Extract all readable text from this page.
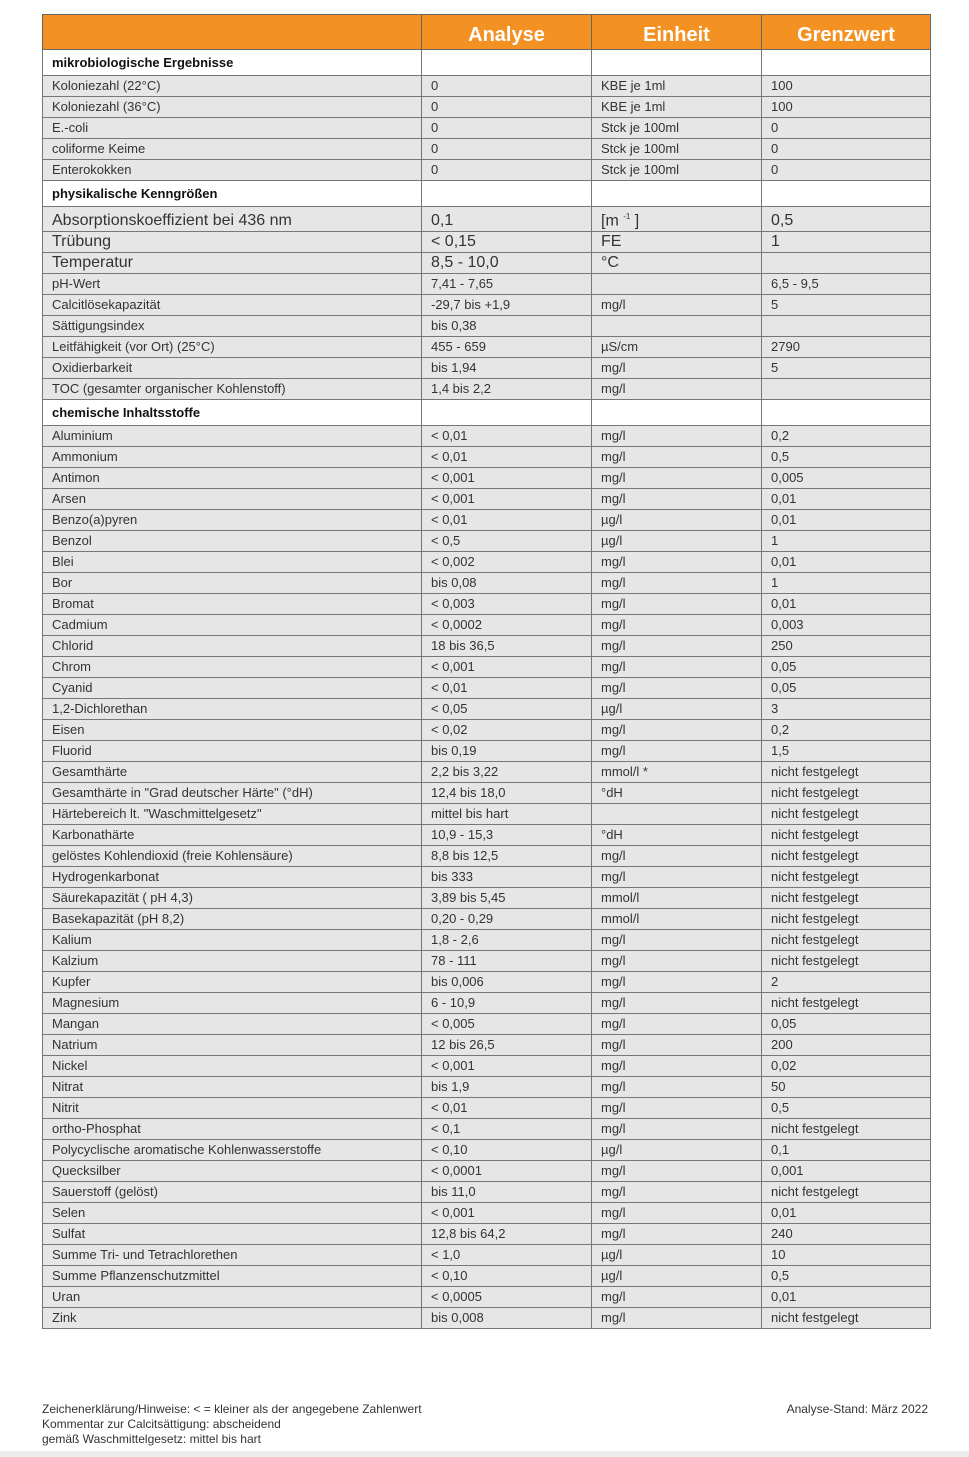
	Analyse	Einheit	Grenzwert
mikrobiologische Ergebnisse			
Koloniezahl (22°C)	0	KBE je 1ml	100
Koloniezahl (36°C)	0	KBE je 1ml	100
E.-coli	0	Stck je 100ml	0
coliforme Keime	0	Stck je 100ml	0
Enterokokken	0	Stck je 100ml	0
physikalische Kenngrößen			
Absorptionskoeffizient bei 436 nm	0,1	[m $^{-1}$ ]	0,5
Trübung	< 0,15	FE	1
Temperatur	8,5 - 10,0	°C	
pH-Wert	7,41 - 7,65		6,5 - 9,5
Calcitlösekapazität	-29,7 bis +1,9	mg/l	5
Sättigungsindex	bis 0,38		
Leitfähigkeit (vor Ort) (25°C)	455 - 659	µS/cm	2790
Oxidierbarkeit	bis 1,94	mg/l	5
TOC (gesamter organischer Kohlenstoff)	1,4 bis 2,2	mg/l	
chemische Inhaltsstoffe			
Aluminium	< 0,01	mg/l	0,2
Ammonium	< 0,01	mg/l	0,5
Antimon	< 0,001	mg/l	0,005
Arsen	< 0,001	mg/l	0,01
Benzo(a)pyren	< 0,01	µg/l	0,01
Benzol	< 0,5	µg/l	1
Blei	< 0,002	mg/l	0,01
Bor	bis 0,08	mg/l	1
Bromat	< 0,003	mg/l	0,01
Cadmium	< 0,0002	mg/l	0,003
Chlorid	18 bis 36,5	mg/l	250
Chrom	< 0,001	mg/l	0,05
Cyanid	< 0,01	mg/l	0,05
1,2-Dichlorethan	< 0,05	µg/l	3
Eisen	< 0,02	mg/l	0,2
Fluorid	bis 0,19	mg/l	1,5
Gesamthärte	2,2 bis 3,22	mmol/l *	nicht festgelegt
Gesamthärte in "Grad deutscher Härte" (°dH)	12,4 bis 18,0	°dH	nicht festgelegt
Härtebereich lt. "Waschmittelgesetz"	mittel bis hart		nicht festgelegt
Karbonathärte	10,9 - 15,3	°dH	nicht festgelegt
gelöstes Kohlendioxid (freie Kohlensäure)	8,8 bis 12,5	mg/l	nicht festgelegt
Hydrogenkarbonat	bis 333	mg/l	nicht festgelegt
Säurekapazität ( pH 4,3)	3,89 bis 5,45	mmol/l	nicht festgelegt
Basekapazität (pH 8,2)	0,20 - 0,29	mmol/l	nicht festgelegt
Kalium	1,8 - 2,6	mg/l	nicht festgelegt
Kalzium	78 - 111	mg/l	nicht festgelegt
Kupfer	bis 0,006	mg/l	2
Magnesium	6 - 10,9	mg/l	nicht festgelegt
Mangan	< 0,005	mg/l	0,05
Natrium	12 bis 26,5	mg/l	200
Nickel	< 0,001	mg/l	0,02
Nitrat	bis 1,9	mg/l	50
Nitrit	< 0,01	mg/l	0,5
ortho-Phosphat	< 0,1	mg/l	nicht festgelegt
Polycyclische aromatische Kohlenwasserstoffe	< 0,10	µg/l	0,1
Quecksilber	< 0,0001	mg/l	0,001
Sauerstoff (gelöst)	bis 11,0	mg/l	nicht festgelegt
Selen	< 0,001	mg/l	0,01
Sulfat	12,8 bis 64,2	mg/l	240
Summe Tri- und Tetrachlorethen	< 1,0	µg/l	10
Summe Pflanzenschutzmittel	< 0,10	µg/l	0,5
Uran	< 0,0005	mg/l	0,01
Zink	bis 0,008	mg/l	nicht festgelegt
Zeichenerklärung/Hinweise: < = kleiner als der angegebene Zahlenwert
Kommentar zur Calcitsättigung: abscheidend
gemäß Waschmittelgesetz: mittel bis hart
Analyse-Stand: März 2022
